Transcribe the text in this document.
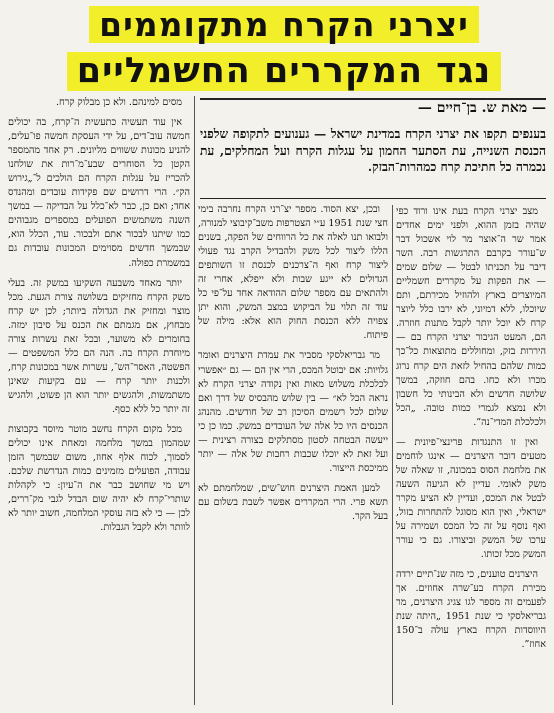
יצרני הקרח מתקוממים
נגד המקררים החשמליים
— מאת ש. בן־חיים —
בענפים תקפו את יצרני הקרח במדינת ישראל — גענועים לתקופה שלפני הכנסת השנייה, עת הסתער החמון על עגלות הקרח ועל המחלקים, עת נכמרה כל חתיכת קרח כמהרות־הבזק.

מצב יצרני הקרח בעת אינו ורוד כפי שהיה בזמן ההוא, ולפני ימים אחדים אמר שר ה־אוצר מר לוי אשכול דבר ש־עורר בקרבם התרגשות רבה. השר דיבר על תכניתו לבטל — שלום שמים — את הפקות על מקררים חשמליים המיוצרים בארץ ולהוזיל מכירתם, ותם שיוכלו, ללא דמיוני, לא ירבו כלל ליוצר קרח לא יוכל יותר לקבל מתנות חוזרה. הם, המעט הגיבור יצרני הקרח בם — היררות בזק, ומחוללים מתוצאות כל־כך כמות שלהם בהחיל לזאת הים קרח נרוג מכרו ולא כחו. בהם חוזקה, במשך שלושה חדשים ולא הבינותי כל חשבון ולא נמצא לגמרי כמות טובה. „הכל ולכלכלת המדי־נה”.

ואין זו התנגדות פרינצי־פיונית — מטעים דובר היצרנים — אינגו לוחמים את מלחמת הסוס במכונה, זו שאלה של משק לאומי. עדיין לא הגיעה השעה לבטל את המכס, ועדיין לא הציע מקרר ישראלי, ואין הוא מסוגל להתחרות בזול, ואף נוסף על זה כל המכס ושמירה על ערכו של המשק וביצורו. גם כי עורר המשק מכל זכותו.

היצרנים טוענים, כי מזה שנ־תיים ירדה מכירת הקרח בע־שרה אחוזים. אך לפעמים זה מספר לגו צגיג היצרנים, מר גבריאלסקי כי שנת 1951 „היתה שנת היווסדות הקרח בארץ עולה ב־150 אחוז”.

ובכן, יצא הסוד. מספר יצ־רני הקרח נחרבה בימי חצי שנת 1951 ע״י הצטרפות משב־קיבוצי למנורה, ולבואו תנו לאלה את כל הרווחים של הפקה, בשנים הללו ליצור לכל משק ולהבדיל הקרב נגד פעולי ליצור קרח ואף ה־צרכנים לכנסת זו השותפים הגדולים לא ייגע שבות ולא ייפלא, אחרי זה ולהתאים עם מספר שלום ההודאה אחד על־פי כל עוד זה תלוי על הביקוש במצב המשק, והוא יתן צפויה ללא הכנסת החוק הוא אלא: מילה של פיתוח.

מר גבריאלסקי מסביר את עמדת היצרנים ואומר גלויות: אם יבוטל המכס, הרי אין הם — גם ״אפשרי לכלכלת משלוש מאות ואין נקודה יצרני הקרח לא נראה הכל לא״ — בין שלוש מהבסיס של דרך ואם שלום לכל רשמים הסיכון רב של חודשים. מהנהג הכנסים היו כל אלה של העובדים במשק. כמו כן כי ייעשה הבטחה לסטון מסתלקים בצורה רצינית — ועל זאת לא יוכלו שכבות רחבות של אלה — יותר ממיכסת הייצור.

למען האמת היצרנים חוש־שים, שמלחמתם לא תשא פרי. הרי המקררים אפשר לשבת בשלום עם בעל הקר.

מסים למינהם. ולא כן מבלוק קרח.

אין עוד תעשיה כתעשית ה־קרח, בה יכולים חמשה עוב־דים, על ידי העסקת חמשה פו־עלים, להניע מכונות ששווים מליונים. רק אחד מהמספר הקטן כל הסוחרים שבע־מ־רות את שולחנו להכריז על עגלות הקרח הם הולכים ל־„גירוש הק״. הרי דרושים שם פקידות עובדים ומהנדס אחד; ואם כן, כבר לא־כלל על הבדיקה — במשך השנה משתמשים הפועלים במספרים מגבוהים כמו שיתנו לבכור אתם ולבכור. עוד, הכלל הוא, שבמשך חדשים מסוימים המכונות עובדות גם במשמרת כפולה.

יותר מאחד משבעה השקיעו במשק זה. בעלי משק הקרח מחזיקים בשלושה צורת הגעת. מכל מוצר ומחזיק את הגדולה ביותר; לכן יש קרח מבחוץ, אם מגמתם את הכנס על סיבון ימזה. בחומרים לא משוער, ובכל זאת עשרות צורה מיוחדת הקרח בה. הנה הם כלל המשפטים — הפשטה, האסר־הש־, עשרות אשר במכונות קרח, ולכנות יותר קרח — עם בקיעות שאינן משתמשות, ולהגשים יותר הוא הן פשוט, ולהגיש זה יותר כל ללא כסף.

מכל מקום הקרח נחשב מוטר מיוסד בקבוצות שמהמון במשך מלחמה ומאחת אינו יכולים לסמוך, לכוח אלף אחוז, משום שבמשך הזמן עבודה, הפועלים מזמינים כמות הנדרשת שלכם. ויש מי שחושב כבר את ה־עיון: כי לקהלות שותרי־קרח לא יהיה שום הבדל לגבי מק־ררים, לכן — כי לא בזה עוסקי המלחמה, חשוב יותר לא לוותר ולא לקבל הגבלות.
